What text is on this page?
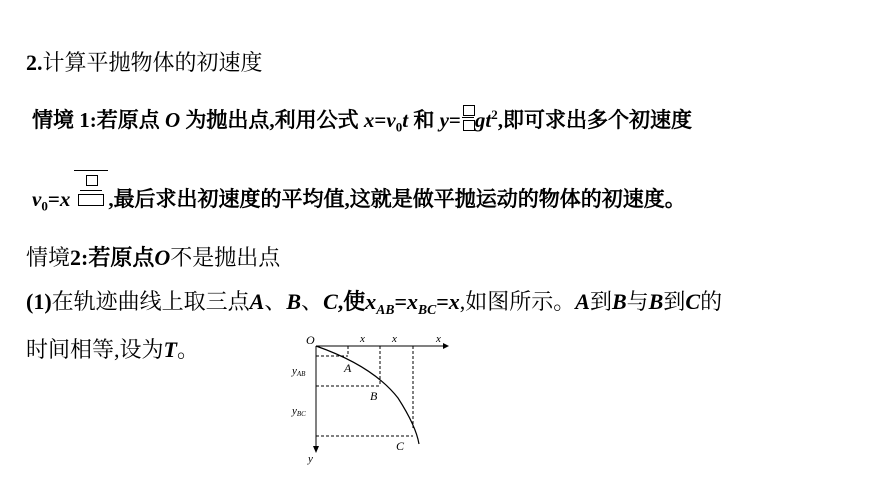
2.计算平抛物体的初速度
情境 1:若原点 O 为抛出点,利用公式 $x=v_0t$ 和 $y= gt^2$,即可求出多个初速度
$v_0=x$ ,最后求出初速度的平均值,这就是做平抛运动的物体的初速度。
情境2:若原点O不是抛出点
(1)在轨迹曲线上取三点A、B、C,使$x_{AB}=x_{BC}=x$,如图所示。A到B与B到C的
时间相等,设为T。	O	x x	x
y
yAB
yBC
A
B
C
